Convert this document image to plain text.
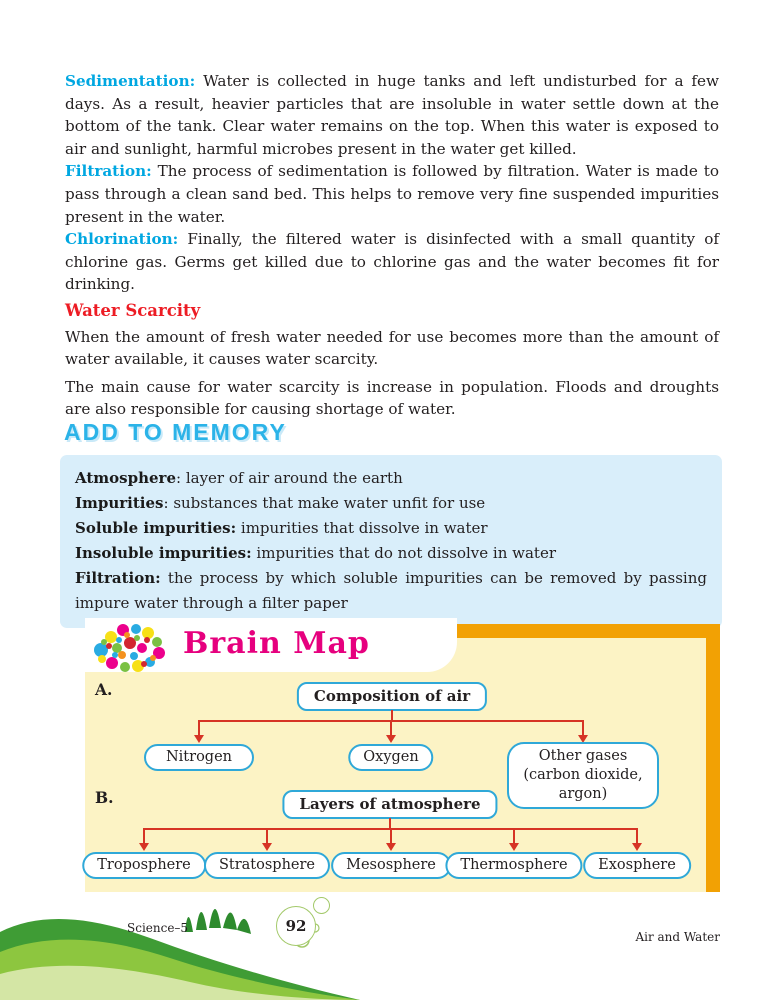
Sedimentation: Water is collected in huge tanks and left undisturbed for a few days. As a result, heavier particles that are insoluble in water settle down at the bottom of the tank. Clear water remains on the top. When this water is exposed to air and sunlight, harmful microbes present in the water get killed.

Filtration: The process of sedimentation is followed by filtration. Water is made to pass through a clean sand bed. This helps to remove very fine suspended impurities present in the water.

Chlorination: Finally, the filtered water is disinfected with a small quantity of chlorine gas. Germs get killed due to chlorine gas and the water becomes fit for drinking.

Water Scarcity

When the amount of fresh water needed for use becomes more than the amount of water available, it causes water scarcity.

The main cause for water scarcity is increase in population. Floods and droughts are also responsible for causing shortage of water.

ADD TO MEMORY
Atmosphere: layer of air around the earth
Impurities: substances that make water unfit for use
Soluble impurities: impurities that dissolve in water
Insoluble impurities: impurities that do not dissolve in water
Filtration: the process by which soluble impurities can be removed by passing impure water through a filter paper
Brain Map
A.	Composition of air
Nitrogen	Oxygen	Other gases (carbon dioxide, argon)
B.	Layers of atmosphere
Troposphere	Stratosphere	Mesosphere	Thermosphere	Exosphere
Science–5	92
Air and Water
